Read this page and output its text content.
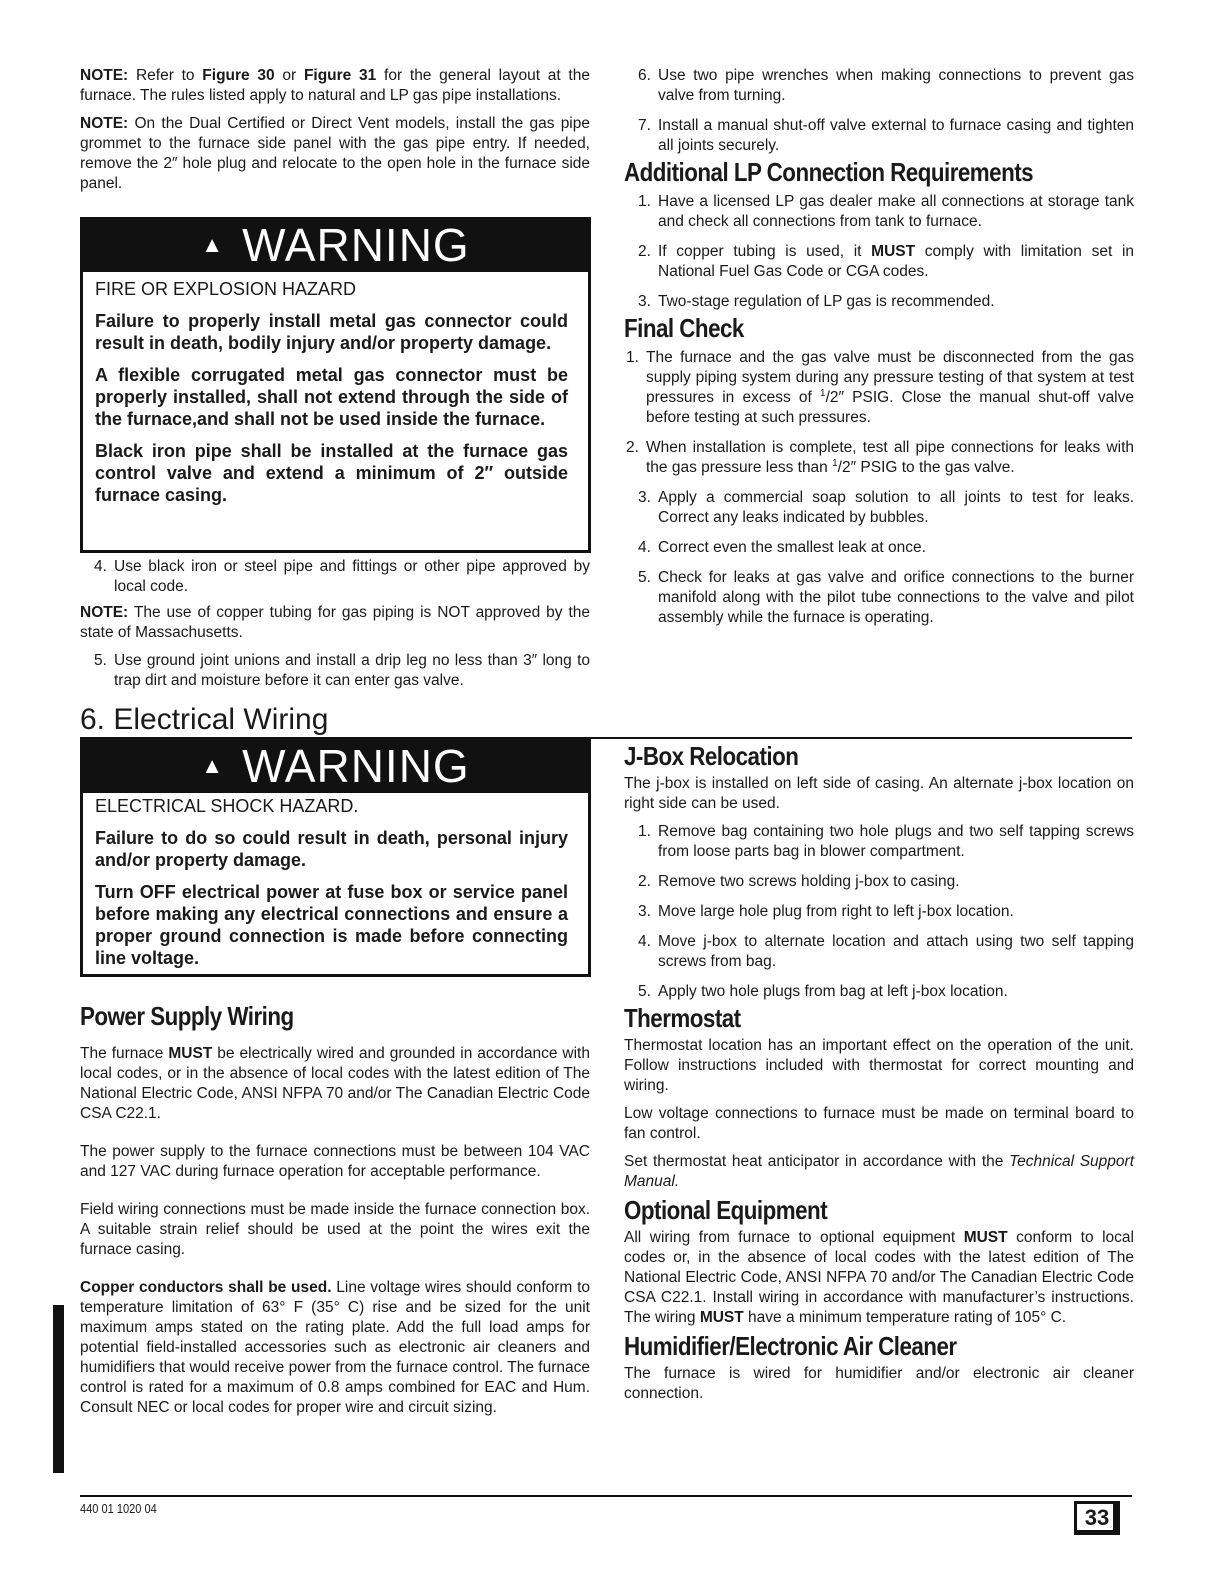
NOTE: Refer to Figure 30 or Figure 31 for the general layout at the furnace. The rules listed apply to natural and LP gas pipe installations.

NOTE: On the Dual Certified or Direct Vent models, install the gas pipe grommet to the furnace side panel with the gas pipe entry. If needed, remove the 2″ hole plug and relocate to the open hole in the furnace side panel.

▲ WARNING

FIRE OR EXPLOSION HAZARD

Failure to properly install metal gas connector could result in death, bodily injury and/or property damage.

A flexible corrugated metal gas connector must be properly installed, shall not extend through the side of the furnace,and shall not be used inside the furnace.

Black iron pipe shall be installed at the furnace gas control valve and extend a minimum of 2″ outside furnace casing.

4. Use black iron or steel pipe and fittings or other pipe approved by local code.

NOTE: The use of copper tubing for gas piping is NOT approved by the state of Massachusetts.

5. Use ground joint unions and install a drip leg no less than 3″ long to trap dirt and moisture before it can enter gas valve.
6. Use two pipe wrenches when making connections to prevent gas valve from turning.
7. Install a manual shut-off valve external to furnace casing and tighten all joints securely.
Additional LP Connection Requirements
1. Have a licensed LP gas dealer make all connections at storage tank and check all connections from tank to furnace.
2. If copper tubing is used, it MUST comply with limitation set in National Fuel Gas Code or CGA codes.
3. Two-stage regulation of LP gas is recommended.
Final Check
1. The furnace and the gas valve must be disconnected from the gas supply piping system during any pressure testing of that system at test pressures in excess of $^1$/2″ PSIG. Close the manual shut-off valve before testing at such pressures.
2. When installation is complete, test all pipe connections for leaks with the gas pressure less than $^1$/2″ PSIG to the gas valve.
3. Apply a commercial soap solution to all joints to test for leaks. Correct any leaks indicated by bubbles.
4. Correct even the smallest leak at once.
5. Check for leaks at gas valve and orifice connections to the burner manifold along with the pilot tube connections to the valve and pilot assembly while the furnace is operating.
6. Electrical Wiring
▲ WARNING

ELECTRICAL SHOCK HAZARD.

Failure to do so could result in death, personal injury and/or property damage.

Turn OFF electrical power at fuse box or service panel before making any electrical connections and ensure a proper ground connection is made before connecting line voltage.

Power Supply Wiring

The furnace MUST be electrically wired and grounded in accordance with local codes, or in the absence of local codes with the latest edition of The National Electric Code, ANSI NFPA 70 and/or The Canadian Electric Code CSA C22.1.

The power supply to the furnace connections must be between 104 VAC and 127 VAC during furnace operation for acceptable performance.

Field wiring connections must be made inside the furnace connection box. A suitable strain relief should be used at the point the wires exit the furnace casing.

Copper conductors shall be used. Line voltage wires should conform to temperature limitation of 63° F (35° C) rise and be sized for the unit maximum amps stated on the rating plate. Add the full load amps for potential field-installed accessories such as electronic air cleaners and humidifiers that would receive power from the furnace control. The furnace control is rated for a maximum of 0.8 amps combined for EAC and Hum. Consult NEC or local codes for proper wire and circuit sizing.

J-Box Relocation

The j-box is installed on left side of casing. An alternate j-box location on right side can be used.

1. Remove bag containing two hole plugs and two self tapping screws from loose parts bag in blower compartment.
2. Remove two screws holding j-box to casing.
3. Move large hole plug from right to left j-box location.
4. Move j-box to alternate location and attach using two self tapping screws from bag.
5. Apply two hole plugs from bag at left j-box location.
Thermostat

Thermostat location has an important effect on the operation of the unit. Follow instructions included with thermostat for correct mounting and wiring.

Low voltage connections to furnace must be made on terminal board to fan control.

Set thermostat heat anticipator in accordance with the Technical Support Manual.

Optional Equipment

All wiring from furnace to optional equipment MUST conform to local codes or, in the absence of local codes with the latest edition of The National Electric Code, ANSI NFPA 70 and/or The Canadian Electric Code CSA C22.1. Install wiring in accordance with manufacturer’s instructions. The wiring MUST have a minimum temperature rating of 105° C.

Humidifier/Electronic Air Cleaner

The furnace is wired for humidifier and/or electronic air cleaner connection.

440 01 1020 04	33
